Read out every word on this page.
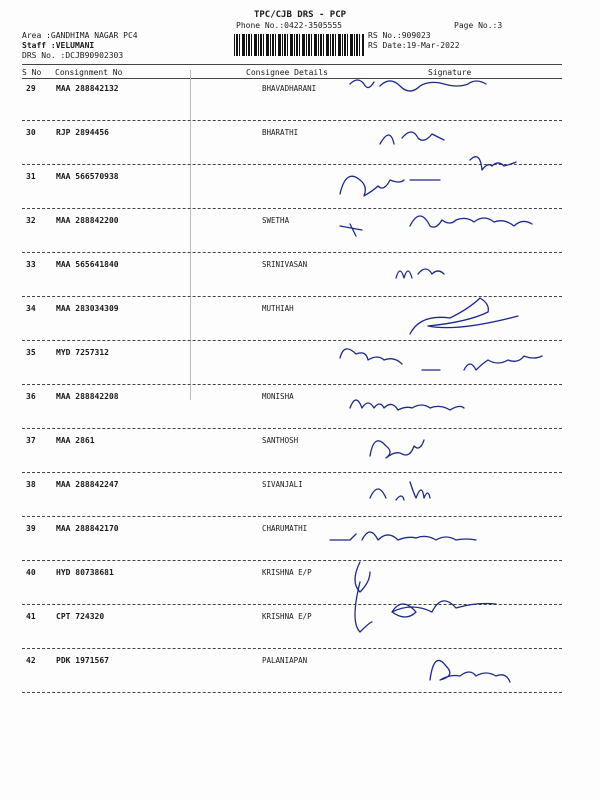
TPC/CJB DRS - PCP
Phone No.:0422-3505555	Page No.:3
Area :GANDHIMA NAGAR PC4
Staff :VELUMANI
DRS No. :DCJB90902303
RS No.:909023
RS Date:19-Mar-2022
S No Consignment No	Consignee Details	Signature
29	MAA 288842132	BHAVADHARANI
30	RJP 2894456	BHARATHI
31	MAA 566570938
32	MAA 288842200	SWETHA
33	MAA 565641840	SRINIVASAN
34	MAA 283034309	MUTHIAH
35	MYD 7257312
36	MAA 288842208	MONISHA
37	MAA 2861	SANTHOSH
38	MAA 288842247	SIVANJALI
39	MAA 288842170	CHARUMATHI
40	HYD 80738681	KRISHNA E/P
41	CPT 724320	KRISHNA E/P
42	PDK 1971567	PALANIAPAN
